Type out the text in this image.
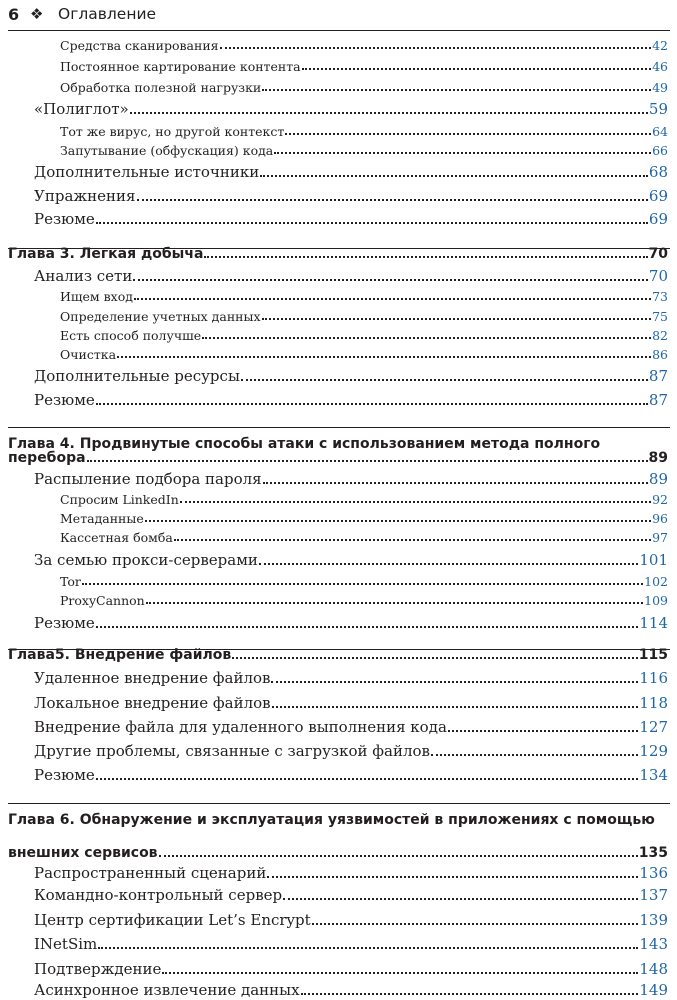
6 ❖ Оглавление
Средства сканирования	42
Постоянное картирование контента	46
Обработка полезной нагрузки	49
«Полиглот»	59
Тот же вирус, но другой контекст	64
Запутывание (обфускация) кода	66
Дополнительные источники	68
Упражнения	69
Резюме	69
Глава 3. Легкая добыча	70
Анализ сети	70
Ищем вход	73
Определение учетных данных	75
Есть способ получше	82
Очистка	86
Дополнительные ресурсы	87
Резюме	87
Глава 4. Продвинутые способы атаки с использованием метода полного
перебора	89
Распыление подбора пароля	89
Спросим LinkedIn	92
Метаданные	96
Кассетная бомба	97
За семью прокси-серверами	101
Tor	102
ProxyCannon	109
Резюме	114
Глава5. Внедрение файлов	115
Удаленное внедрение файлов	116
Локальное внедрение файлов	118
Внедрение файла для удаленного выполнения кода	127
Другие проблемы, связанные с загрузкой файлов	129
Резюме	134
Глава 6. Обнаружение и эксплуатация уязвимостей в приложениях с помощью
внешних сервисов	135
Распространенный сценарий	136
Командно-контрольный сервер	137
Центр сертификации Let’s Encrypt	139
INetSim	143
Подтверждение	148
Асинхронное извлечение данных	149
